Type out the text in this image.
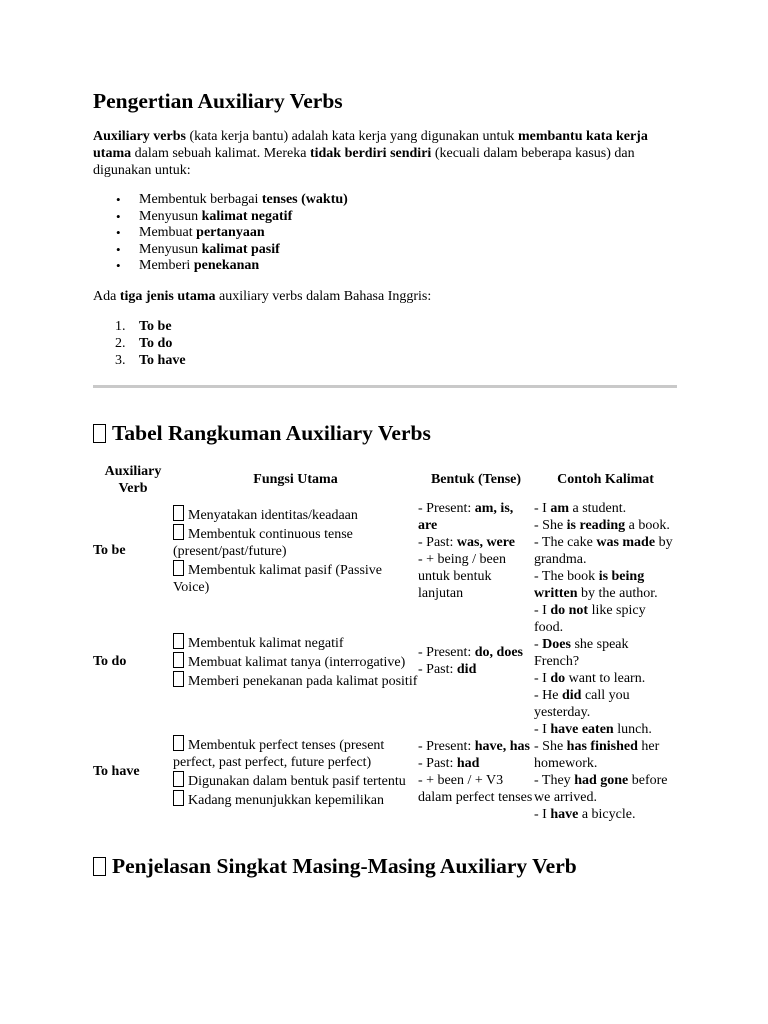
Pengertian Auxiliary Verbs

Auxiliary verbs (kata kerja bantu) adalah kata kerja yang digunakan untuk membantu kata kerja utama dalam sebuah kalimat. Mereka tidak berdiri sendiri (kecuali dalam beberapa kasus) dan digunakan untuk:

• Membentuk berbagai tenses (waktu)
• Menyusun kalimat negatif
• Membuat pertanyaan
• Menyusun kalimat pasif
• Memberi penekanan

Ada tiga jenis utama auxiliary verbs dalam Bahasa Inggris:

1. To be
2. To do
3. To have
Tabel Rangkuman Auxiliary Verbs
Auxiliary Verb	Fungsi Utama	Bentuk (Tense)	Contoh Kalimat
To be	Menyatakan identitas/keadaan
Membentuk continuous tense (present/past/future)
Membentuk kalimat pasif (Passive Voice)	- Present: am, is, are
- Past: was, were
- + being / been untuk bentuk lanjutan	- I am a student.
- She is reading a book.
- The cake was made by grandma.
- The book is being written by the author.

To do	Membentuk kalimat negatif
Membuat kalimat tanya (interrogative)
Memberi penekanan pada kalimat positif	- Present: do, does
- Past: did	- I do not like spicy food.
- Does she speak French?
- I do want to learn.
- He did call you yesterday.

To have	Membentuk perfect tenses (present perfect, past perfect, future perfect)
Digunakan dalam bentuk pasif tertentu
Kadang menunjukkan kepemilikan	- Present: have, has
- Past: had
- + been / + V3 dalam perfect tenses	- I have eaten lunch.
- She has finished her homework.
- They had gone before we arrived.
- I have a bicycle.
Penjelasan Singkat Masing-Masing Auxiliary Verb
